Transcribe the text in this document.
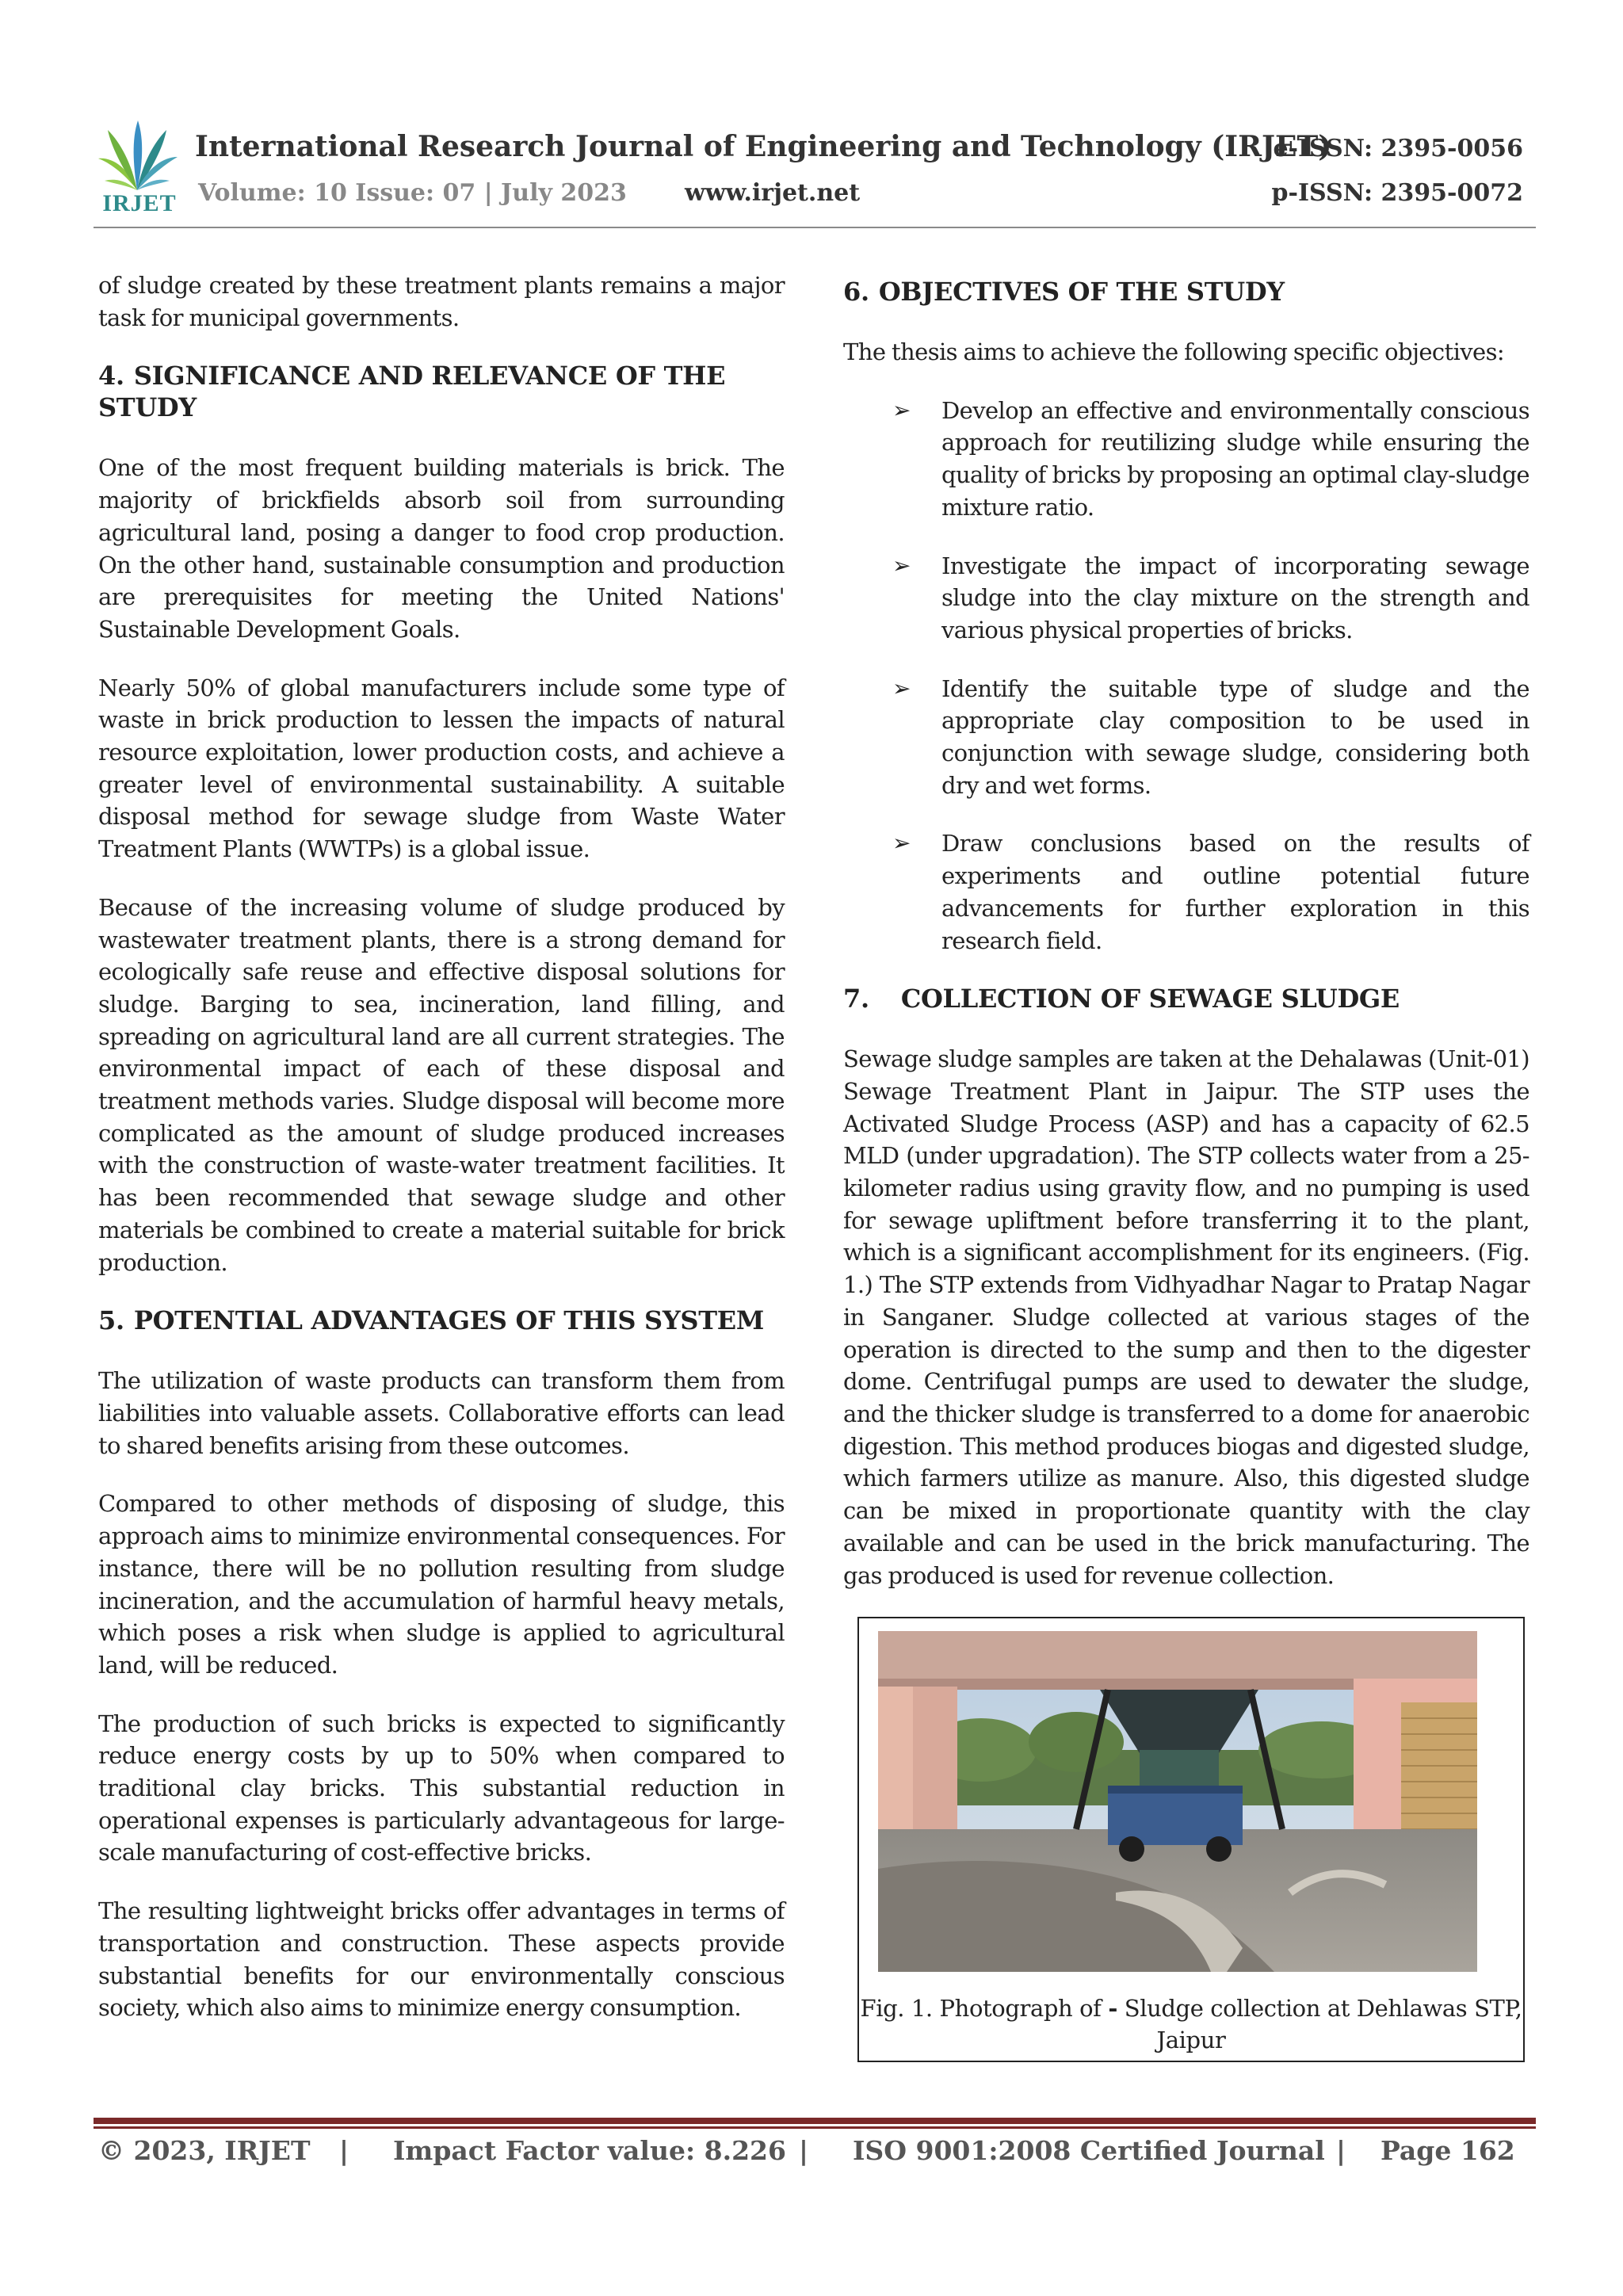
IRJET
International Research Journal of Engineering and Technology (IRJET)
e-ISSN: 2395-0056
Volume: 10 Issue: 07 | July 2023 www.irjet.net	p-ISSN: 2395-0072

of sludge created by these treatment plants remains a major task for municipal governments.

4. SIGNIFICANCE AND RELEVANCE OF THE STUDY

One of the most frequent building materials is brick. The majority of brickfields absorb soil from surrounding agricultural land, posing a danger to food crop production. On the other hand, sustainable consumption and production are prerequisites for meeting the United Nations' Sustainable Development Goals.

Nearly 50% of global manufacturers include some type of waste in brick production to lessen the impacts of natural resource exploitation, lower production costs, and achieve a greater level of environmental sustainability. A suitable disposal method for sewage sludge from Waste Water Treatment Plants (WWTPs) is a global issue.

Because of the increasing volume of sludge produced by wastewater treatment plants, there is a strong demand for ecologically safe reuse and effective disposal solutions for sludge. Barging to sea, incineration, land filling, and spreading on agricultural land are all current strategies. The environmental impact of each of these disposal and treatment methods varies. Sludge disposal will become more complicated as the amount of sludge produced increases with the construction of waste-water treatment facilities. It has been recommended that sewage sludge and other materials be combined to create a material suitable for brick production.

5. POTENTIAL ADVANTAGES OF THIS SYSTEM

The utilization of waste products can transform them from liabilities into valuable assets. Collaborative efforts can lead to shared benefits arising from these outcomes.

Compared to other methods of disposing of sludge, this approach aims to minimize environmental consequences. For instance, there will be no pollution resulting from sludge incineration, and the accumulation of harmful heavy metals, which poses a risk when sludge is applied to agricultural land, will be reduced.

The production of such bricks is expected to significantly reduce energy costs by up to 50% when compared to traditional clay bricks. This substantial reduction in operational expenses is particularly advantageous for large-scale manufacturing of cost-effective bricks.

The resulting lightweight bricks offer advantages in terms of transportation and construction. These aspects provide substantial benefits for our environmentally conscious society, which also aims to minimize energy consumption.

6. OBJECTIVES OF THE STUDY

The thesis aims to achieve the following specific objectives:

➢ Develop an effective and environmentally conscious approach for reutilizing sludge while ensuring the quality of bricks by proposing an optimal clay-sludge mixture ratio.
➢ Investigate the impact of incorporating sewage sludge into the clay mixture on the strength and various physical properties of bricks.
➢ Identify the suitable type of sludge and the appropriate clay composition to be used in conjunction with sewage sludge, considering both dry and wet forms.
➢ Draw conclusions based on the results of experiments and outline potential future advancements for further exploration in this research field.
7. COLLECTION OF SEWAGE SLUDGE

Sewage sludge samples are taken at the Dehalawas (Unit-01) Sewage Treatment Plant in Jaipur. The STP uses the Activated Sludge Process (ASP) and has a capacity of 62.5 MLD (under upgradation). The STP collects water from a 25-kilometer radius using gravity flow, and no pumping is used for sewage upliftment before transferring it to the plant, which is a significant accomplishment for its engineers. (Fig. 1.) The STP extends from Vidhyadhar Nagar to Pratap Nagar in Sanganer. Sludge collected at various stages of the operation is directed to the sump and then to the digester dome. Centrifugal pumps are used to dewater the sludge, and the thicker sludge is transferred to a dome for anaerobic digestion. This method produces biogas and digested sludge, which farmers utilize as manure. Also, this digested sludge can be mixed in proportionate quantity with the clay available and can be used in the brick manufacturing. The gas produced is used for revenue collection.

Fig. 1. Photograph of - Sludge collection at Dehlawas STP, Jaipur
© 2023, IRJET | Impact Factor value: 8.226 | ISO 9001:2008 Certified Journal | Page 162
